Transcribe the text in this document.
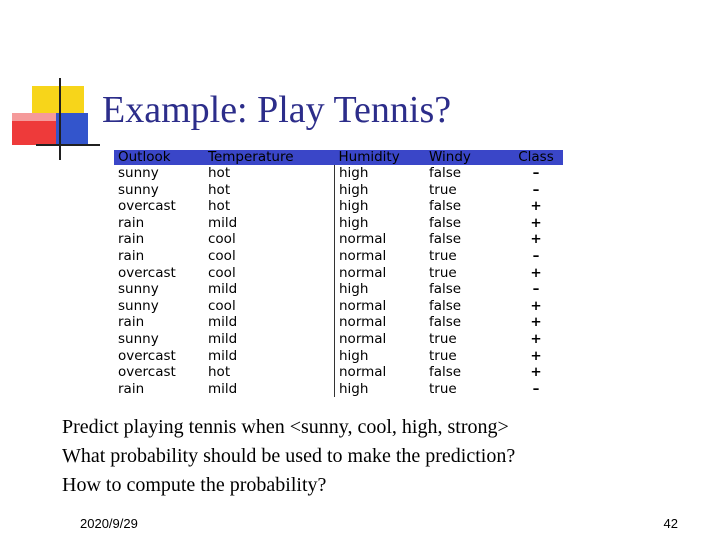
Example: Play Tennis?
Outlook	Temperature	Humidity	Windy	Class
sunny	hot	high	false	–
sunny	hot	high	true	–
overcast	hot	high	false	+
rain	mild	high	false	+
rain	cool	normal	false	+
rain	cool	normal	true	–
overcast	cool	normal	true	+
sunny	mild	high	false	–
sunny	cool	normal	false	+
rain	mild	normal	false	+
sunny	mild	normal	true	+
overcast	mild	high	true	+
overcast	hot	normal	false	+
rain	mild	high	true	–
Predict playing tennis when <sunny, cool, high, strong>
What probability should be used to make the prediction?
How to compute the probability?
2020/9/29	42
